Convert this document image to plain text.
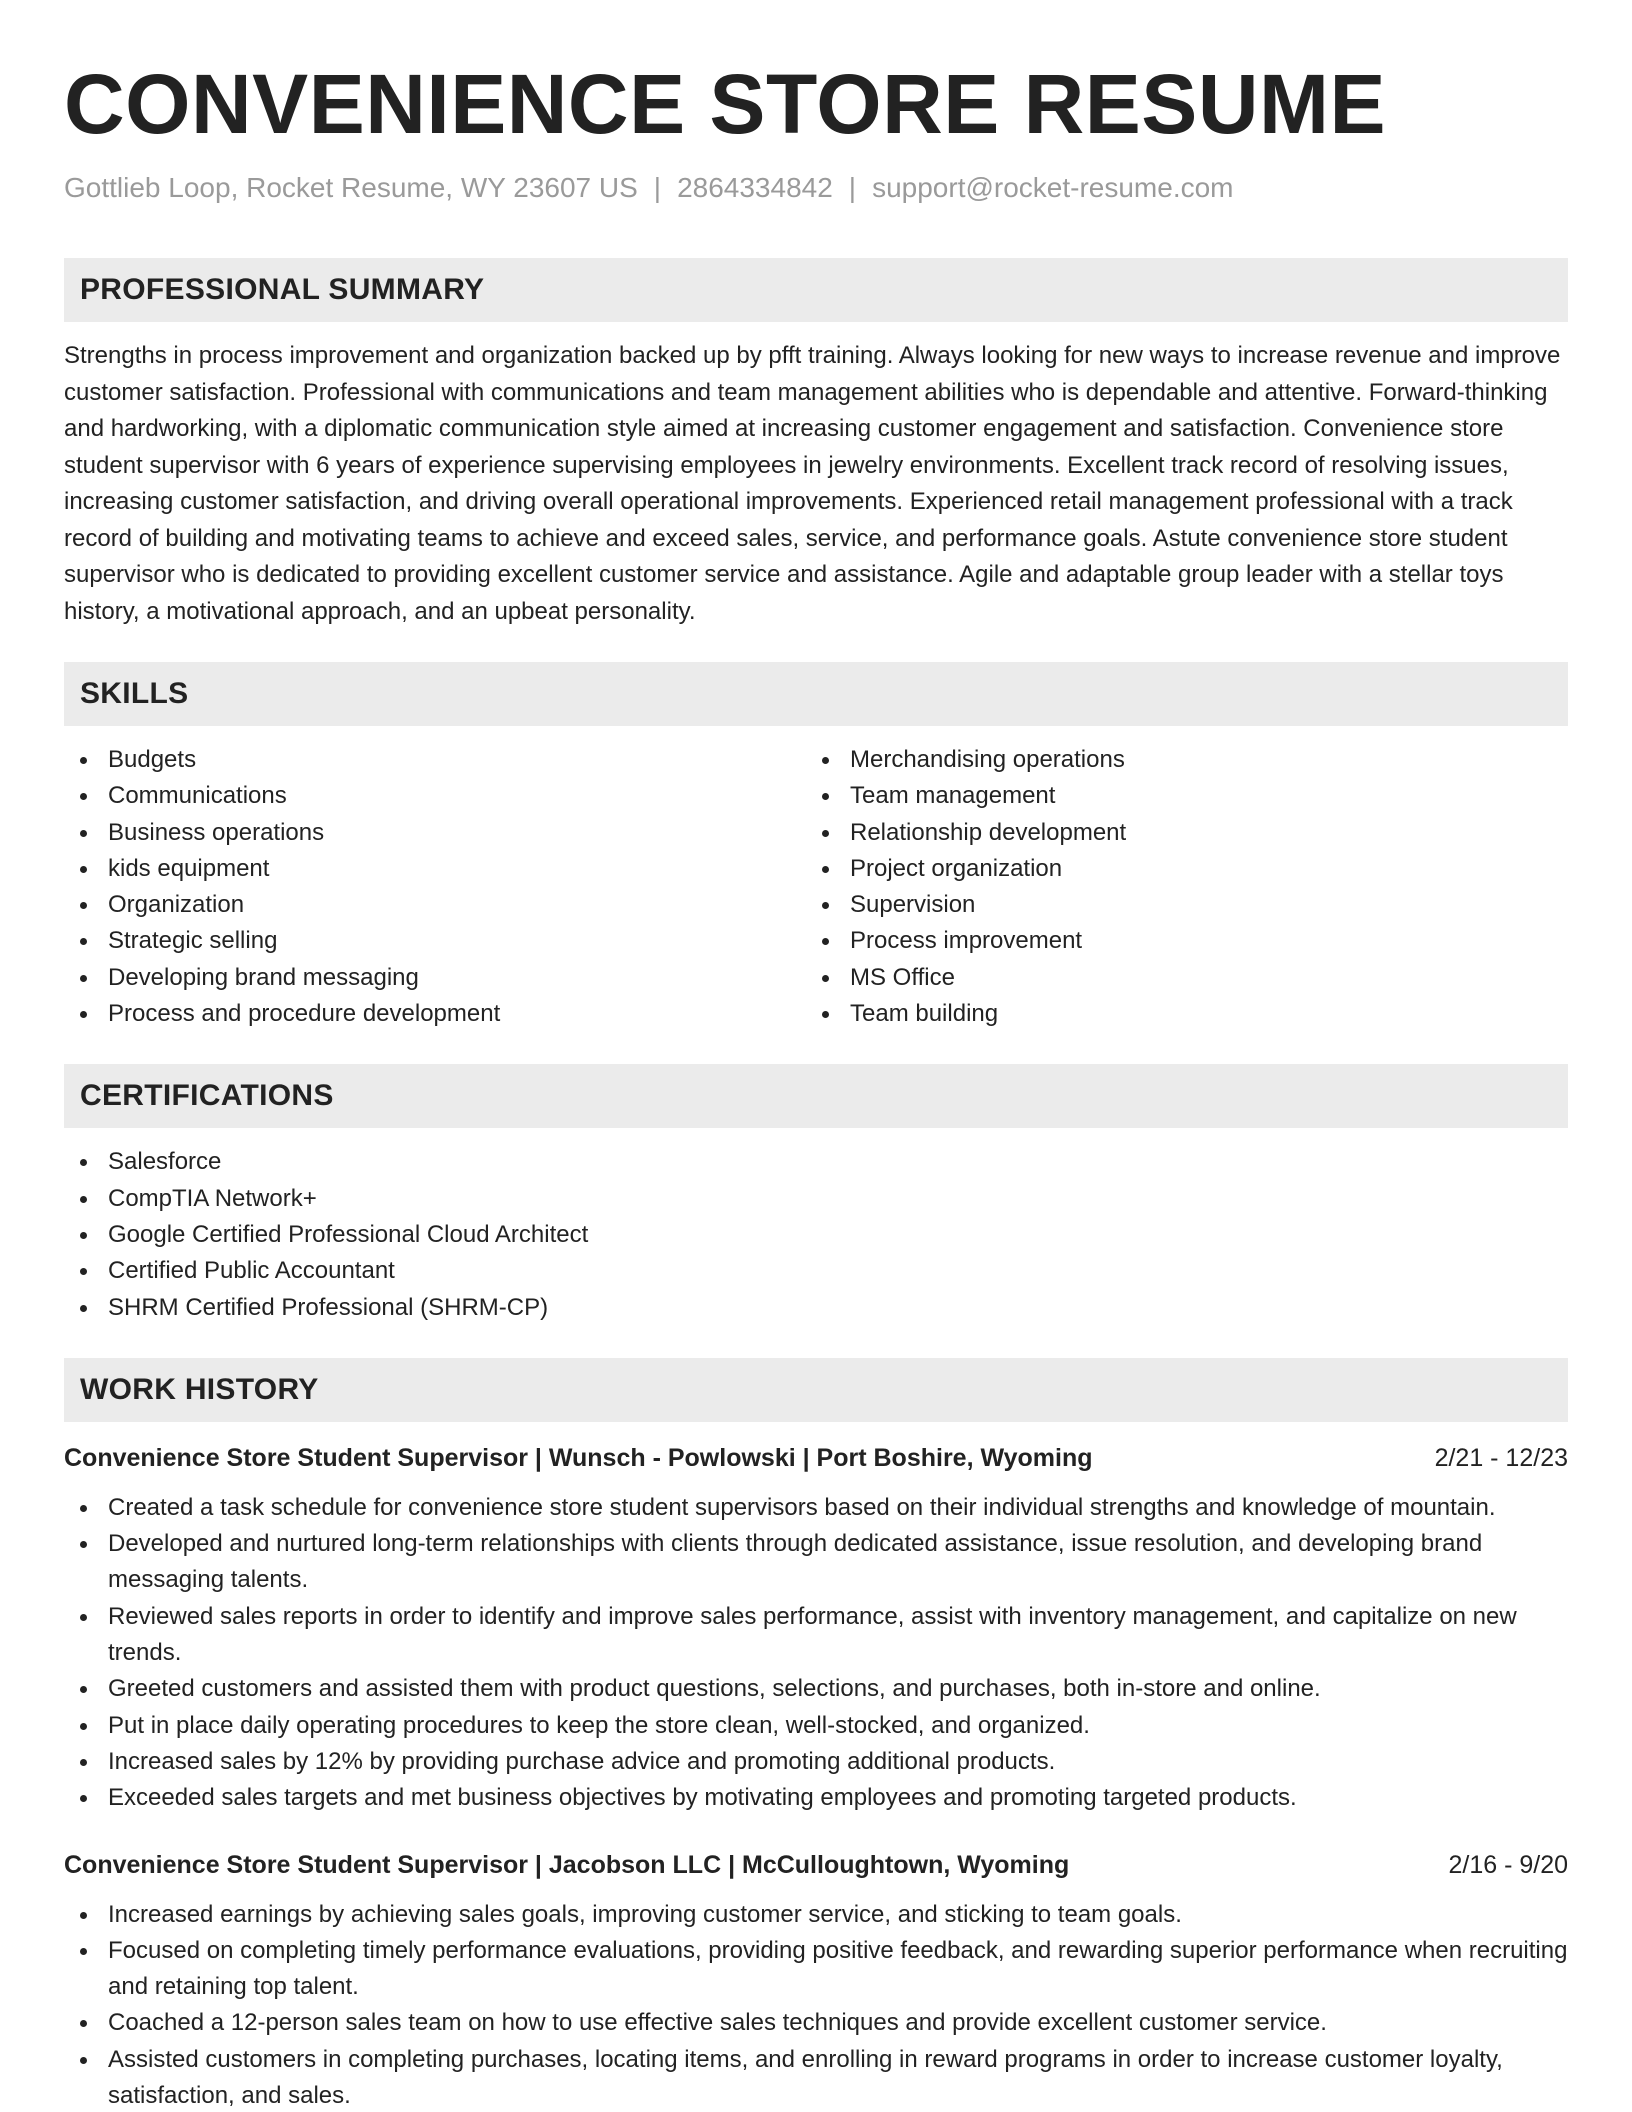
CONVENIENCE STORE RESUME
Gottlieb Loop, Rocket Resume, WY 23607 US | 2864334842 | support@rocket-resume.com
PROFESSIONAL SUMMARY

Strengths in process improvement and organization backed up by pfft training. Always looking for new ways to increase revenue and improve customer satisfaction. Professional with communications and team management abilities who is dependable and attentive. Forward-thinking and hardworking, with a diplomatic communication style aimed at increasing customer engagement and satisfaction. Convenience store student supervisor with 6 years of experience supervising employees in jewelry environments. Excellent track record of resolving issues, increasing customer satisfaction, and driving overall operational improvements. Experienced retail management professional with a track record of building and motivating teams to achieve and exceed sales, service, and performance goals. Astute convenience store student supervisor who is dedicated to providing excellent customer service and assistance. Agile and adaptable group leader with a stellar toys history, a motivational approach, and an upbeat personality.

SKILLS
Budgets
Communications
Business operations
kids equipment
Organization
Strategic selling
Developing brand messaging
Process and procedure development
Merchandising operations
Team management
Relationship development
Project organization
Supervision
Process improvement
MS Office
Team building
CERTIFICATIONS
Salesforce
CompTIA Network+
Google Certified Professional Cloud Architect
Certified Public Accountant
SHRM Certified Professional (SHRM-CP)
WORK HISTORY
Convenience Store Student Supervisor | Wunsch - Powlowski | Port Boshire, Wyoming	2/21 - 12/23
Created a task schedule for convenience store student supervisors based on their individual strengths and knowledge of mountain.
Developed and nurtured long-term relationships with clients through dedicated assistance, issue resolution, and developing brand messaging talents.
Reviewed sales reports in order to identify and improve sales performance, assist with inventory management, and capitalize on new trends.
Greeted customers and assisted them with product questions, selections, and purchases, both in-store and online.
Put in place daily operating procedures to keep the store clean, well-stocked, and organized.
Increased sales by 12% by providing purchase advice and promoting additional products.
Exceeded sales targets and met business objectives by motivating employees and promoting targeted products.
Convenience Store Student Supervisor | Jacobson LLC | McCulloughtown, Wyoming	2/16 - 9/20
Increased earnings by achieving sales goals, improving customer service, and sticking to team goals.
Focused on completing timely performance evaluations, providing positive feedback, and rewarding superior performance when recruiting and retaining top talent.
Coached a 12-person sales team on how to use effective sales techniques and provide excellent customer service.
Assisted customers in completing purchases, locating items, and enrolling in reward programs in order to increase customer loyalty, satisfaction, and sales.
